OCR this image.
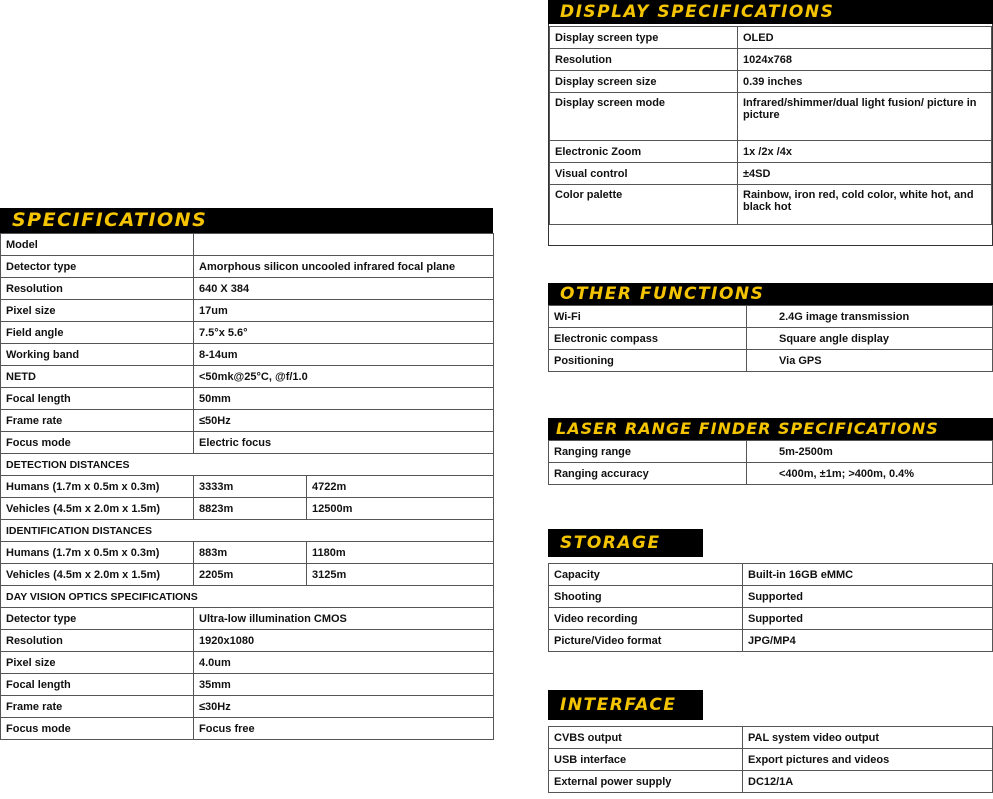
SPECIFICATIONS
Model		
Detector type	Amorphous silicon uncooled infrared focal plane	
Resolution	640 X 384	
Pixel size	17um	
Field angle	7.5°x 5.6°	
Working band	8-14um	
NETD	<50mk@25°C, @f/1.0	
Focal length	50mm	
Frame rate	≤50Hz	
Focus mode	Electric focus	
DETECTION DISTANCES		
Humans (1.7m x 0.5m x 0.3m)	3333m	4722m
Vehicles (4.5m x 2.0m x 1.5m)	8823m	12500m
IDENTIFICATION DISTANCES		
Humans (1.7m x 0.5m x 0.3m)	883m	1180m
Vehicles (4.5m x 2.0m x 1.5m)	2205m	3125m
DAY VISION OPTICS SPECIFICATIONS		
Detector type	Ultra-low illumination CMOS	
Resolution	1920x1080	
Pixel size	4.0um	
Focal length	35mm	
Frame rate	≤30Hz	
Focus mode	Focus free	
DISPLAY SPECIFICATIONS
Display screen type	OLED
Resolution	1024x768
Display screen size	0.39 inches
Display screen mode	Infrared/shimmer/dual light fusion/ picture in picture
Electronic Zoom	1x /2x /4x
Visual control	±4SD
Color palette	Rainbow, iron red, cold color, white hot, and black hot
OTHER FUNCTIONS
Wi-Fi	2.4G image transmission
Electronic compass	Square angle display
Positioning	Via GPS
LASER RANGE FINDER SPECIFICATIONS
Ranging range	5m-2500m
Ranging accuracy	<400m, ±1m; >400m, 0.4%
STORAGE
Capacity	Built-in 16GB eMMC
Shooting	Supported
Video recording	Supported
Picture/Video format	JPG/MP4
INTERFACE
CVBS output	PAL system video output
USB interface	Export pictures and videos
External power supply	DC12/1A
